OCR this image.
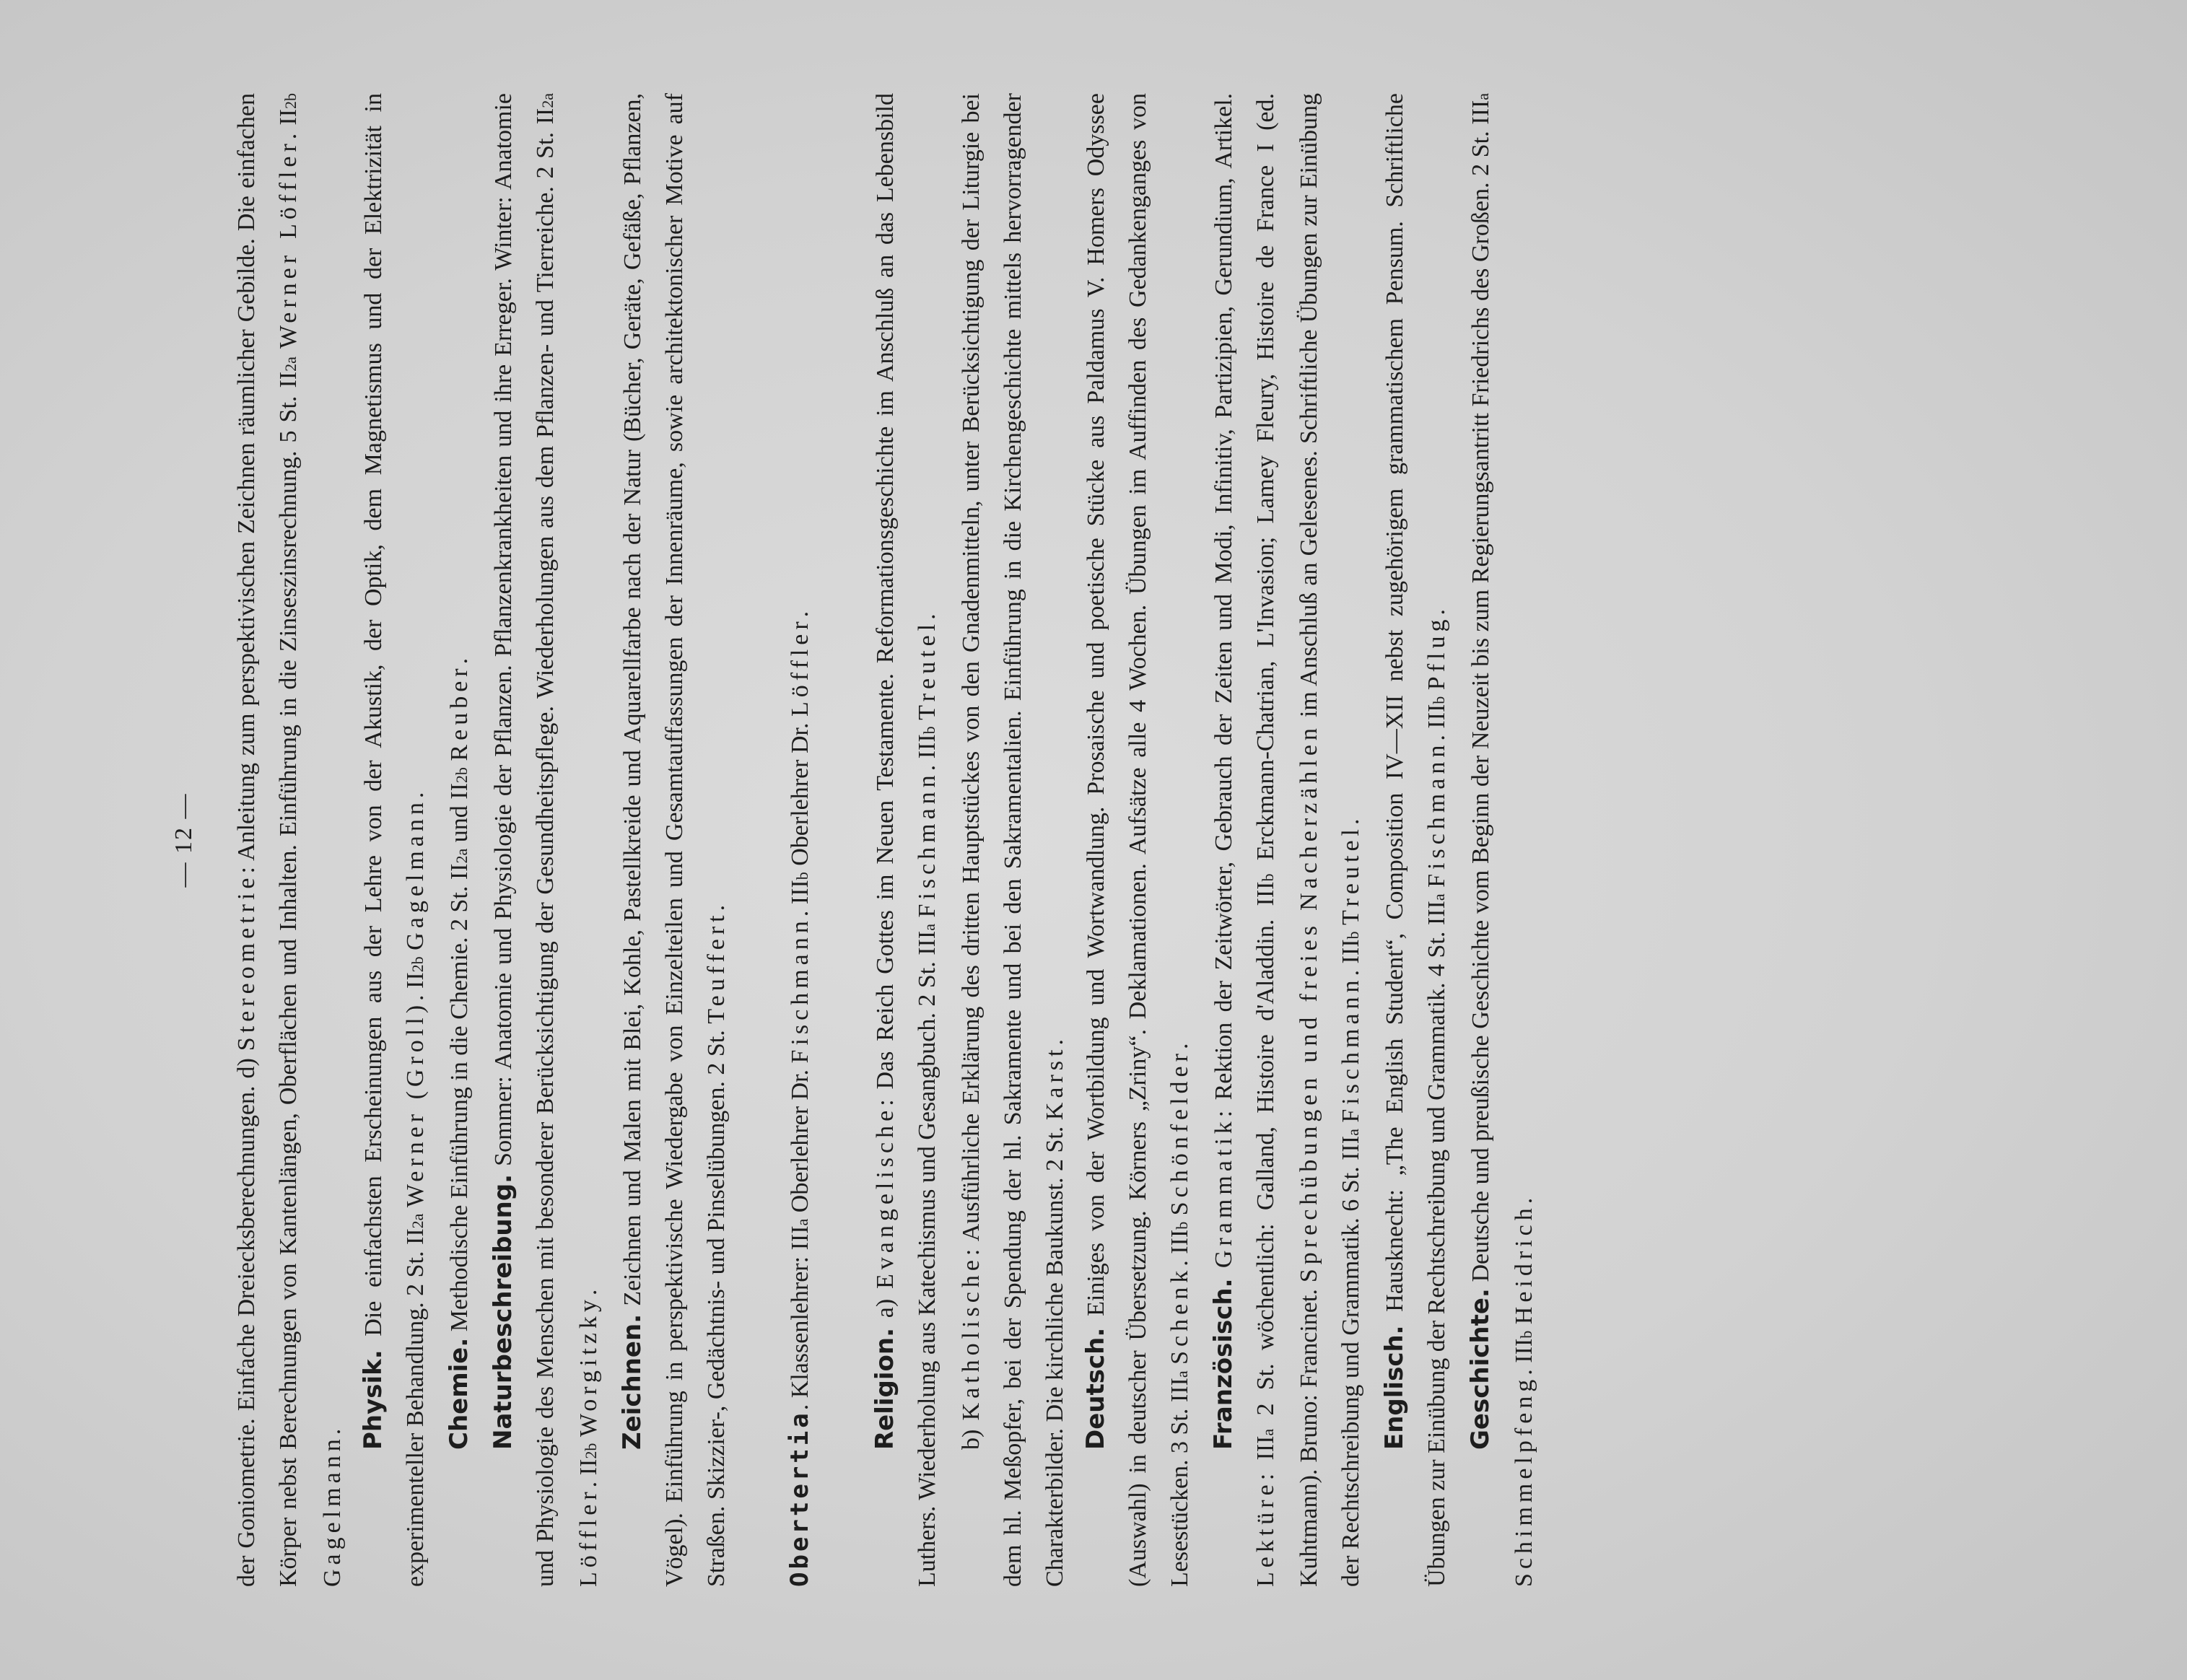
— 12 —

der Goniometrie. Einfache Dreiecksberechnungen. d) Stereometrie: Anleitung zum perspektivischen Zeichnen räumlicher Gebilde. Die einfachen Körper nebst Berechnungen von Kantenlängen, Oberflächen und Inhalten. Einführung in die Zinseszinsrechnung. 5 St. II2a Werner Löffler. II2b Gagelmann. Physik. Die einfachsten Erscheinungen aus der Lehre von der Akustik, der Optik, dem Magnetismus und der Elektrizität in experimenteller Behandlung. 2 St. II2a Werner (Groll). II2b Gagelmann.

Chemie. Methodische Einführung in die Chemie. 2 St. II2a und II2b Reuber.

Naturbeschreibung. Sommer: Anatomie und Physiologie der Pflanzen. Pflanzenkrankheiten und ihre Erreger. Winter: Anatomie und Physiologie des Menschen mit besonderer Berücksichtigung der Gesundheitspflege. Wiederholungen aus dem Pflanzen- und Tierreiche. 2 St. II2a Löffler. II2b Worgitzky.

Zeichnen. Zeichnen und Malen mit Blei, Kohle, Pastellkreide und Aquarellfarbe nach der Natur (Bücher, Geräte, Gefäße, Pflanzen, Vögel). Einführung in perspektivische Wiedergabe von Einzelteilen und Gesamtauffassungen der Innenräume, sowie architektonischer Motive auf Straßen. Skizzier-, Gedächtnis- und Pinselübungen. 2 St. Teuffert.

Obertertia. Klassenlehrer: IIIa Oberlehrer Dr. Fischmann. IIIb Oberlehrer Dr. Löffler.

Religion. a) Evangelische: Das Reich Gottes im Neuen Testamente. Reformationsgeschichte im Anschluß an das Lebensbild Luthers. Wiederholung aus Katechismus und Gesangbuch. 2 St. IIIa Fischmann. IIIb Treutel.

b) Katholische: Ausführliche Erklärung des dritten Hauptstückes von den Gnadenmitteln, unter Berücksichtigung der Liturgie bei dem hl. Meßopfer, bei der Spendung der hl. Sakramente und bei den Sakramentalien. Einführung in die Kirchengeschichte mittels hervorragender Charakterbilder. Die kirchliche Baukunst. 2 St. Karst.

Deutsch. Einiges von der Wortbildung und Wortwandlung. Prosaische und poetische Stücke aus Paldamus V. Homers Odyssee (Auswahl) in deutscher Übersetzung. Körners „Zriny“. Deklamationen. Aufsätze alle 4 Wochen. Übungen im Auffinden des Gedankenganges von Lesestücken. 3 St. IIIa Schenk. IIIb Schönfelder.

Französisch. Grammatik: Rektion der Zeitwörter, Gebrauch der Zeiten und Modi, Infinitiv, Partizipien, Gerundium, Artikel. Lektüre: IIIa 2 St. wöchentlich: Galland, Histoire d'Aladdin. IIIb Erckmann-Chatrian, L'Invasion; Lamey Fleury, Histoire de France I (ed. Kuhtmann). Bruno: Francinet. Sprechübungen und freies Nacherzählen im Anschluß an Gelesenes. Schriftliche Übungen zur Einübung der Rechtschreibung und Grammatik. 6 St. IIIa Fischmann. IIIb Treutel.

Englisch. Hausknecht: „The English Student“, Composition IV—XII nebst zugehörigem grammatischem Pensum. Schriftliche Übungen zur Einübung der Rechtschreibung und Grammatik. 4 St. IIIa Fischmann. IIIb Pflug.

Geschichte. Deutsche und preußische Geschichte vom Beginn der Neuzeit bis zum Regierungsantritt Friedrichs des Großen. 2 St. IIIa Schimmelpfeng. IIIb Heidrich.
